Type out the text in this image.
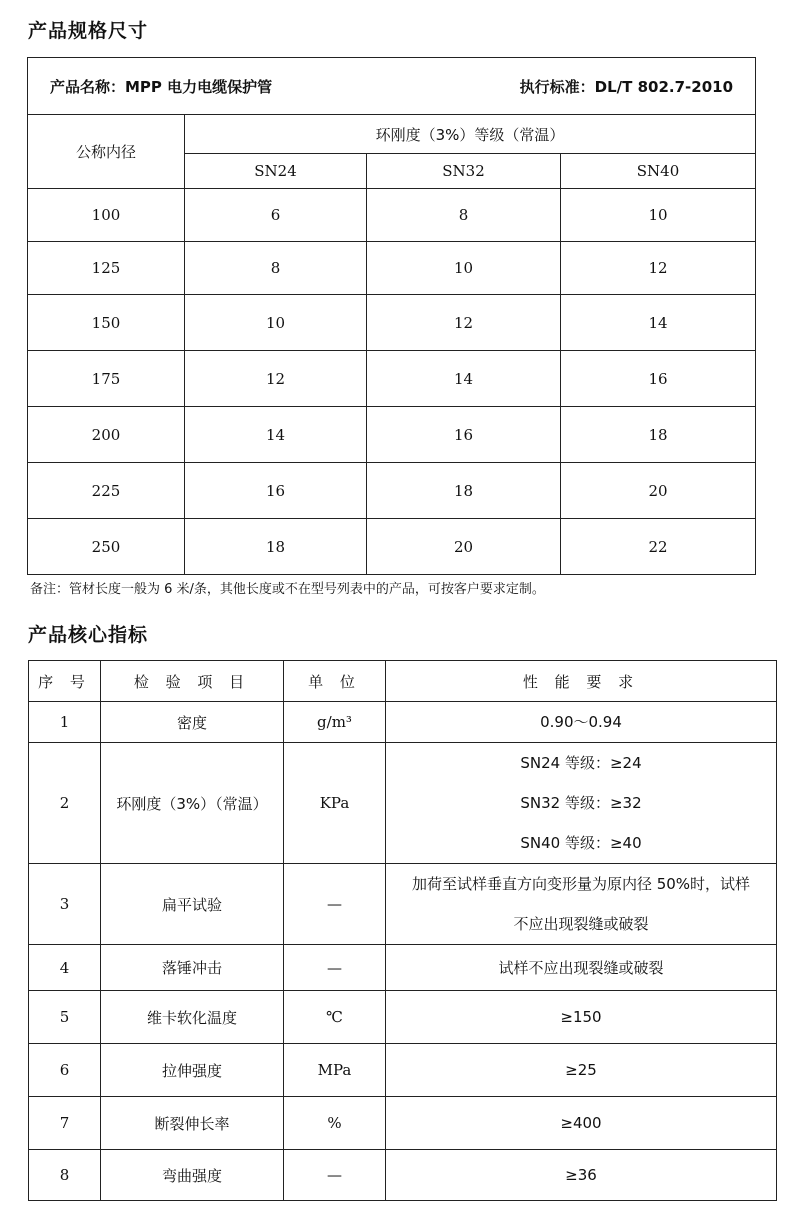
产品规格尺寸
产品名称：MPP 电力电缆保护管		执行标准：DL/T 802.7-2010	
公称内径	环刚度（3%）等级（常温）		
	SN24	SN32	SN40
100	6	8	10
125	8	10	12
150	10	12	14
175	12	14	16
200	14	16	18
225	16	18	20
250	18	20	22
备注：管材长度一般为 6 米/条，其他长度或不在型号列表中的产品，可按客户要求定制。
产品核心指标
序 号	检 验 项 目	单 位	性 能 要 求
1	密度	g/m³	0.90～0.94

2	环刚度（3%）（常温）	KPa	SN24 等级：≥24
SN32 等级：≥32
SN40 等级：≥40

3	扁平试验	—	加荷至试样垂直方向变形量为原内径 50%时，试样
不应出现裂缝或破裂

4	落锤冲击	—	试样不应出现裂缝或破裂

5	维卡软化温度	℃	≥150

6	拉伸强度	MPa	≥25

7	断裂伸长率	%	≥400

8	弯曲强度	—	≥36
